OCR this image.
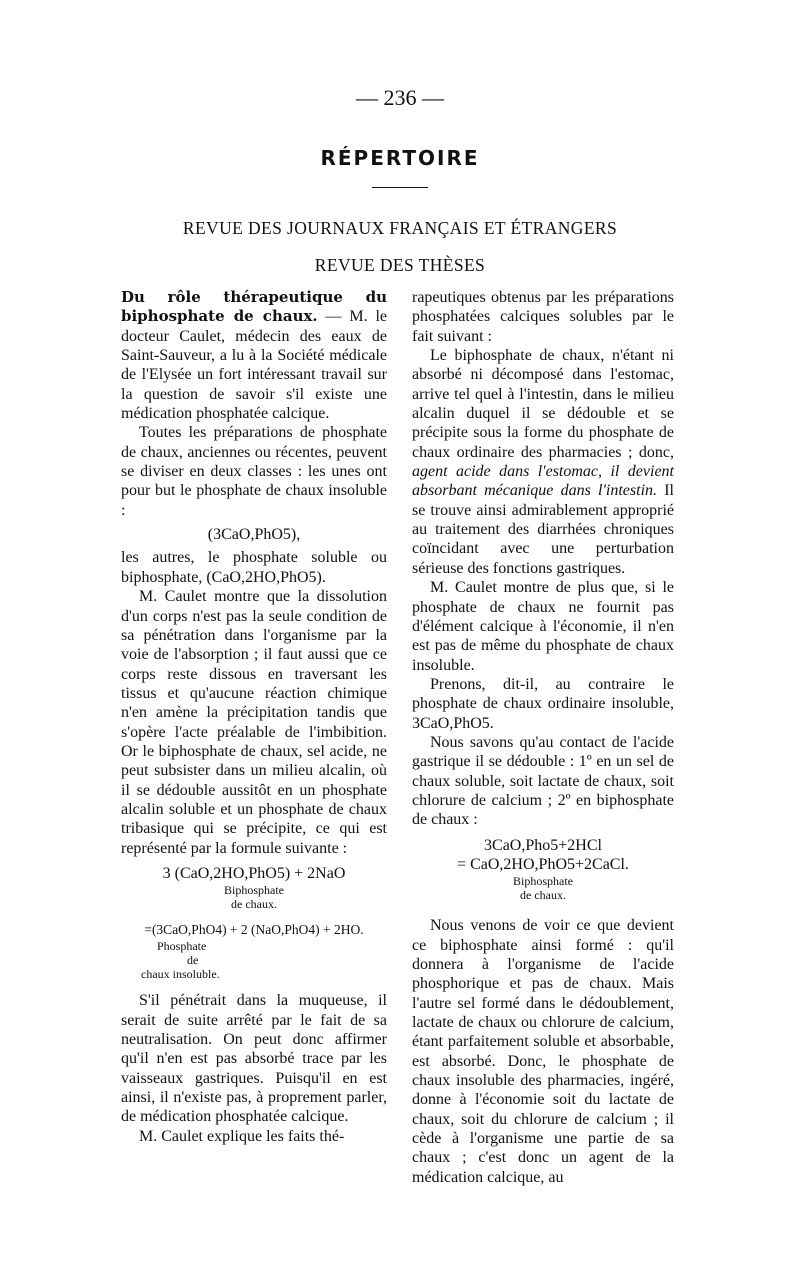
— 236 —
RÉPERTOIRE
REVUE DES JOURNAUX FRANÇAIS ET ÉTRANGERS
REVUE DES THÈSES

Du rôle thérapeutique du biphosphate de chaux. — M. le docteur Caulet, médecin des eaux de Saint-Sauveur, a lu à la Société médicale de l'Elysée un fort intéressant travail sur la question de savoir s'il existe une médication phosphatée calcique.

Toutes les préparations de phosphate de chaux, anciennes ou récentes, peuvent se diviser en deux classes : les unes ont pour but le phosphate de chaux insoluble :

(3CaO,PhO5),

les autres, le phosphate soluble ou biphosphate, (CaO,2HO,PhO5).

M. Caulet montre que la dissolution d'un corps n'est pas la seule condition de sa pénétration dans l'organisme par la voie de l'absorption ; il faut aussi que ce corps reste dissous en traversant les tissus et qu'aucune réaction chimique n'en amène la précipitation tandis que s'opère l'acte préalable de l'imbibition. Or le biphosphate de chaux, sel acide, ne peut subsister dans un milieu alcalin, où il se dédouble aussitôt en un phosphate alcalin soluble et un phosphate de chaux tribasique qui se précipite, ce qui est représenté par la formule suivante :

3 (CaO,2HO,PhO5) + 2NaO
Biphosphate
de chaux.
=(3CaO,PhO4) + 2 (NaO,PhO4) + 2HO.
Phosphate
de
chaux insoluble.

S'il pénétrait dans la muqueuse, il serait de suite arrêté par le fait de sa neutralisation. On peut donc affirmer qu'il n'en est pas absorbé trace par les vaisseaux gastriques. Puisqu'il en est ainsi, il n'existe pas, à proprement parler, de médication phosphatée calcique.

M. Caulet explique les faits thé-

rapeutiques obtenus par les préparations phosphatées calciques solubles par le fait suivant :

Le biphosphate de chaux, n'étant ni absorbé ni décomposé dans l'estomac, arrive tel quel à l'intestin, dans le milieu alcalin duquel il se dédouble et se précipite sous la forme du phosphate de chaux ordinaire des pharmacies ; donc, agent acide dans l'estomac, il devient absorbant mécanique dans l'intestin. Il se trouve ainsi admirablement approprié au traitement des diarrhées chroniques coïncidant avec une perturbation sérieuse des fonctions gastriques.

M. Caulet montre de plus que, si le phosphate de chaux ne fournit pas d'élément calcique à l'économie, il n'en est pas de même du phosphate de chaux insoluble.

Prenons, dit-il, au contraire le phosphate de chaux ordinaire insoluble, 3CaO,PhO5.

Nous savons qu'au contact de l'acide gastrique il se dédouble : 1º en un sel de chaux soluble, soit lactate de chaux, soit chlorure de calcium ; 2º en biphosphate de chaux :

3CaO,Pho5+2HCl
= CaO,2HO,PhO5+2CaCl.
Biphosphate
de chaux.

Nous venons de voir ce que devient ce biphosphate ainsi formé : qu'il donnera à l'organisme de l'acide phosphorique et pas de chaux. Mais l'autre sel formé dans le dédoublement, lactate de chaux ou chlorure de calcium, étant parfaitement soluble et absorbable, est absorbé. Donc, le phosphate de chaux insoluble des pharmacies, ingéré, donne à l'économie soit du lactate de chaux, soit du chlorure de calcium ; il cède à l'organisme une partie de sa chaux ; c'est donc un agent de la médication calcique, au
